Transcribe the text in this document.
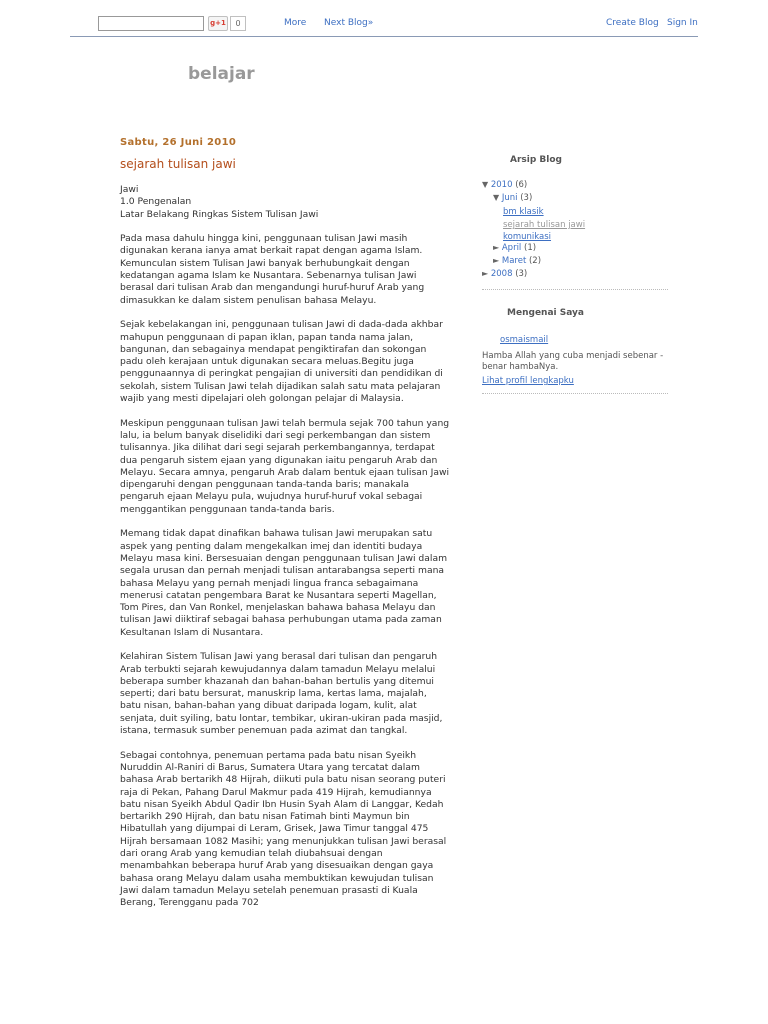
g+1	0	More Next Blog»	Create Blog Sign In
belajar
Sabtu, 26 Juni 2010
sejarah tulisan jawi

Jawi
1.0 Pengenalan
Latar Belakang Ringkas Sistem Tulisan Jawi

Pada masa dahulu hingga kini, penggunaan tulisan Jawi masih digunakan kerana ianya amat berkait rapat dengan agama Islam. Kemunculan sistem Tulisan Jawi banyak berhubungkait dengan kedatangan agama Islam ke Nusantara. Sebenarnya tulisan Jawi berasal dari tulisan Arab dan mengandungi huruf-huruf Arab yang dimasukkan ke dalam sistem penulisan bahasa Melayu.

Sejak kebelakangan ini, penggunaan tulisan Jawi di dada-dada akhbar mahupun penggunaan di papan iklan, papan tanda nama jalan, bangunan, dan sebagainya mendapat pengiktirafan dan sokongan padu oleh kerajaan untuk digunakan secara meluas.Begitu juga penggunaannya di peringkat pengajian di universiti dan pendidikan di sekolah, sistem Tulisan Jawi telah dijadikan salah satu mata pelajaran wajib yang mesti dipelajari oleh golongan pelajar di Malaysia.

Meskipun penggunaan tulisan Jawi telah bermula sejak 700 tahun yang lalu, ia belum banyak diselidiki dari segi perkembangan dan sistem tulisannya. Jika dilihat dari segi sejarah perkembangannya, terdapat dua pengaruh sistem ejaan yang digunakan iaitu pengaruh Arab dan Melayu. Secara amnya, pengaruh Arab dalam bentuk ejaan tulisan Jawi dipengaruhi dengan penggunaan tanda-tanda baris; manakala pengaruh ejaan Melayu pula, wujudnya huruf-huruf vokal sebagai menggantikan penggunaan tanda-tanda baris.

Memang tidak dapat dinafikan bahawa tulisan Jawi merupakan satu aspek yang penting dalam mengekalkan imej dan identiti budaya Melayu masa kini. Bersesuaian dengan penggunaan tulisan Jawi dalam segala urusan dan pernah menjadi tulisan antarabangsa seperti mana bahasa Melayu yang pernah menjadi lingua franca sebagaimana menerusi catatan pengembara Barat ke Nusantara seperti Magellan, Tom Pires, dan Van Ronkel, menjelaskan bahawa bahasa Melayu dan tulisan Jawi diiktiraf sebagai bahasa perhubungan utama pada zaman Kesultanan Islam di Nusantara.

Kelahiran Sistem Tulisan Jawi yang berasal dari tulisan dan pengaruh Arab terbukti sejarah kewujudannya dalam tamadun Melayu melalui beberapa sumber khazanah dan bahan-bahan bertulis yang ditemui seperti; dari batu bersurat, manuskrip lama, kertas lama, majalah, batu nisan, bahan-bahan yang dibuat daripada logam, kulit, alat senjata, duit syiling, batu lontar, tembikar, ukiran-ukiran pada masjid, istana, termasuk sumber penemuan pada azimat dan tangkal.

Sebagai contohnya, penemuan pertama pada batu nisan Syeikh Nuruddin Al-Raniri di Barus, Sumatera Utara yang tercatat dalam bahasa Arab bertarikh 48 Hijrah, diikuti pula batu nisan seorang puteri raja di Pekan, Pahang Darul Makmur pada 419 Hijrah, kemudiannya batu nisan Syeikh Abdul Qadir Ibn Husin Syah Alam di Langgar, Kedah bertarikh 290 Hijrah, dan batu nisan Fatimah binti Maymun bin Hibatullah yang dijumpai di Leram, Grisek, Jawa Timur tanggal 475 Hijrah bersamaan 1082 Masihi; yang menunjukkan tulisan Jawi berasal dari orang Arab yang kemudian telah diubahsuai dengan menambahkan beberapa huruf Arab yang disesuaikan dengan gaya bahasa orang Melayu dalam usaha membuktikan kewujudan tulisan Jawi dalam tamadun Melayu setelah penemuan prasasti di Kuala Berang, Terengganu pada 702

Arsip Blog
▼ 2010 (6)
▼ Juni (3)
bm klasik
sejarah tulisan jawi
komunikasi
► April (1)
► Maret (2)
► 2008 (3)
Mengenai Saya
osmaismail
Hamba Allah yang cuba menjadi sebenar - benar hambaNya.
Lihat profil lengkapku
